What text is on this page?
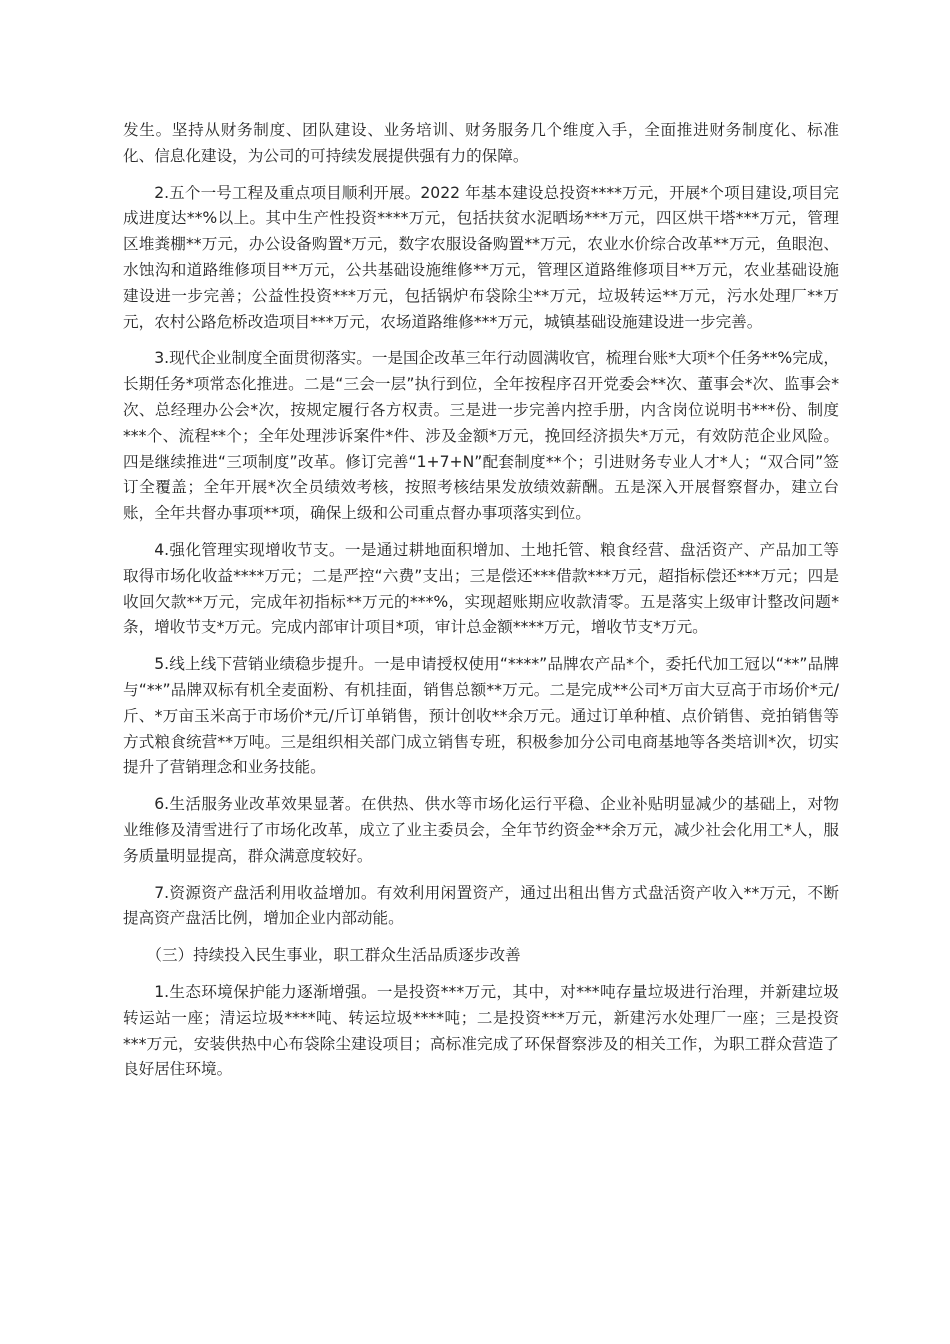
发生。坚持从财务制度、团队建设、业务培训、财务服务几个维度入手，全面推进财务制度化、标准化、信息化建设，为公司的可持续发展提供强有力的保障。

2.五个一号工程及重点项目顺利开展。2022 年基本建设总投资****万元，开展*个项目建设,项目完成进度达**%以上。其中生产性投资****万元，包括扶贫水泥晒场***万元，四区烘干塔***万元，管理区堆粪棚**万元，办公设备购置*万元，数字农服设备购置**万元，农业水价综合改革**万元，鱼眼泡、水蚀沟和道路维修项目**万元，公共基础设施维修**万元，管理区道路维修项目**万元，农业基础设施建设进一步完善；公益性投资***万元，包括锅炉布袋除尘**万元，垃圾转运**万元，污水处理厂**万元，农村公路危桥改造项目***万元，农场道路维修***万元，城镇基础设施建设进一步完善。

3.现代企业制度全面贯彻落实。一是国企改革三年行动圆满收官，梳理台账*大项*个任务**%完成，长期任务*项常态化推进。二是“三会一层”执行到位，全年按程序召开党委会**次、董事会*次、监事会*次、总经理办公会*次，按规定履行各方权责。三是进一步完善内控手册，内含岗位说明书***份、制度***个、流程**个；全年处理涉诉案件*件、涉及金额*万元，挽回经济损失*万元，有效防范企业风险。四是继续推进“三项制度”改革。修订完善“1+7+N”配套制度**个；引进财务专业人才*人；“双合同”签订全覆盖；全年开展*次全员绩效考核，按照考核结果发放绩效薪酬。五是深入开展督察督办，建立台账，全年共督办事项**项，确保上级和公司重点督办事项落实到位。

4.强化管理实现增收节支。一是通过耕地面积增加、土地托管、粮食经营、盘活资产、产品加工等取得市场化收益****万元；二是严控“六费”支出；三是偿还***借款***万元，超指标偿还***万元；四是收回欠款**万元，完成年初指标**万元的***%，实现超账期应收款清零。五是落实上级审计整改问题*条，增收节支*万元。完成内部审计项目*项，审计总金额****万元，增收节支*万元。

5.线上线下营销业绩稳步提升。一是申请授权使用“****”品牌农产品*个，委托代加工冠以“**”品牌与“**”品牌双标有机全麦面粉、有机挂面，销售总额**万元。二是完成**公司*万亩大豆高于市场价*元/斤、*万亩玉米高于市场价*元/斤订单销售，预计创收**余万元。通过订单种植、点价销售、竞拍销售等方式粮食统营**万吨。三是组织相关部门成立销售专班，积极参加分公司电商基地等各类培训*次，切实提升了营销理念和业务技能。

6.生活服务业改革效果显著。在供热、供水等市场化运行平稳、企业补贴明显减少的基础上，对物业维修及清雪进行了市场化改革，成立了业主委员会，全年节约资金**余万元，减少社会化用工*人，服务质量明显提高，群众满意度较好。

7.资源资产盘活利用收益增加。有效利用闲置资产，通过出租出售方式盘活资产收入**万元，不断提高资产盘活比例，增加企业内部动能。

（三）持续投入民生事业，职工群众生活品质逐步改善

1.生态环境保护能力逐渐增强。一是投资***万元，其中，对***吨存量垃圾进行治理，并新建垃圾转运站一座；清运垃圾****吨、转运垃圾****吨；二是投资***万元，新建污水处理厂一座；三是投资***万元，安装供热中心布袋除尘建设项目；高标准完成了环保督察涉及的相关工作，为职工群众营造了良好居住环境。
